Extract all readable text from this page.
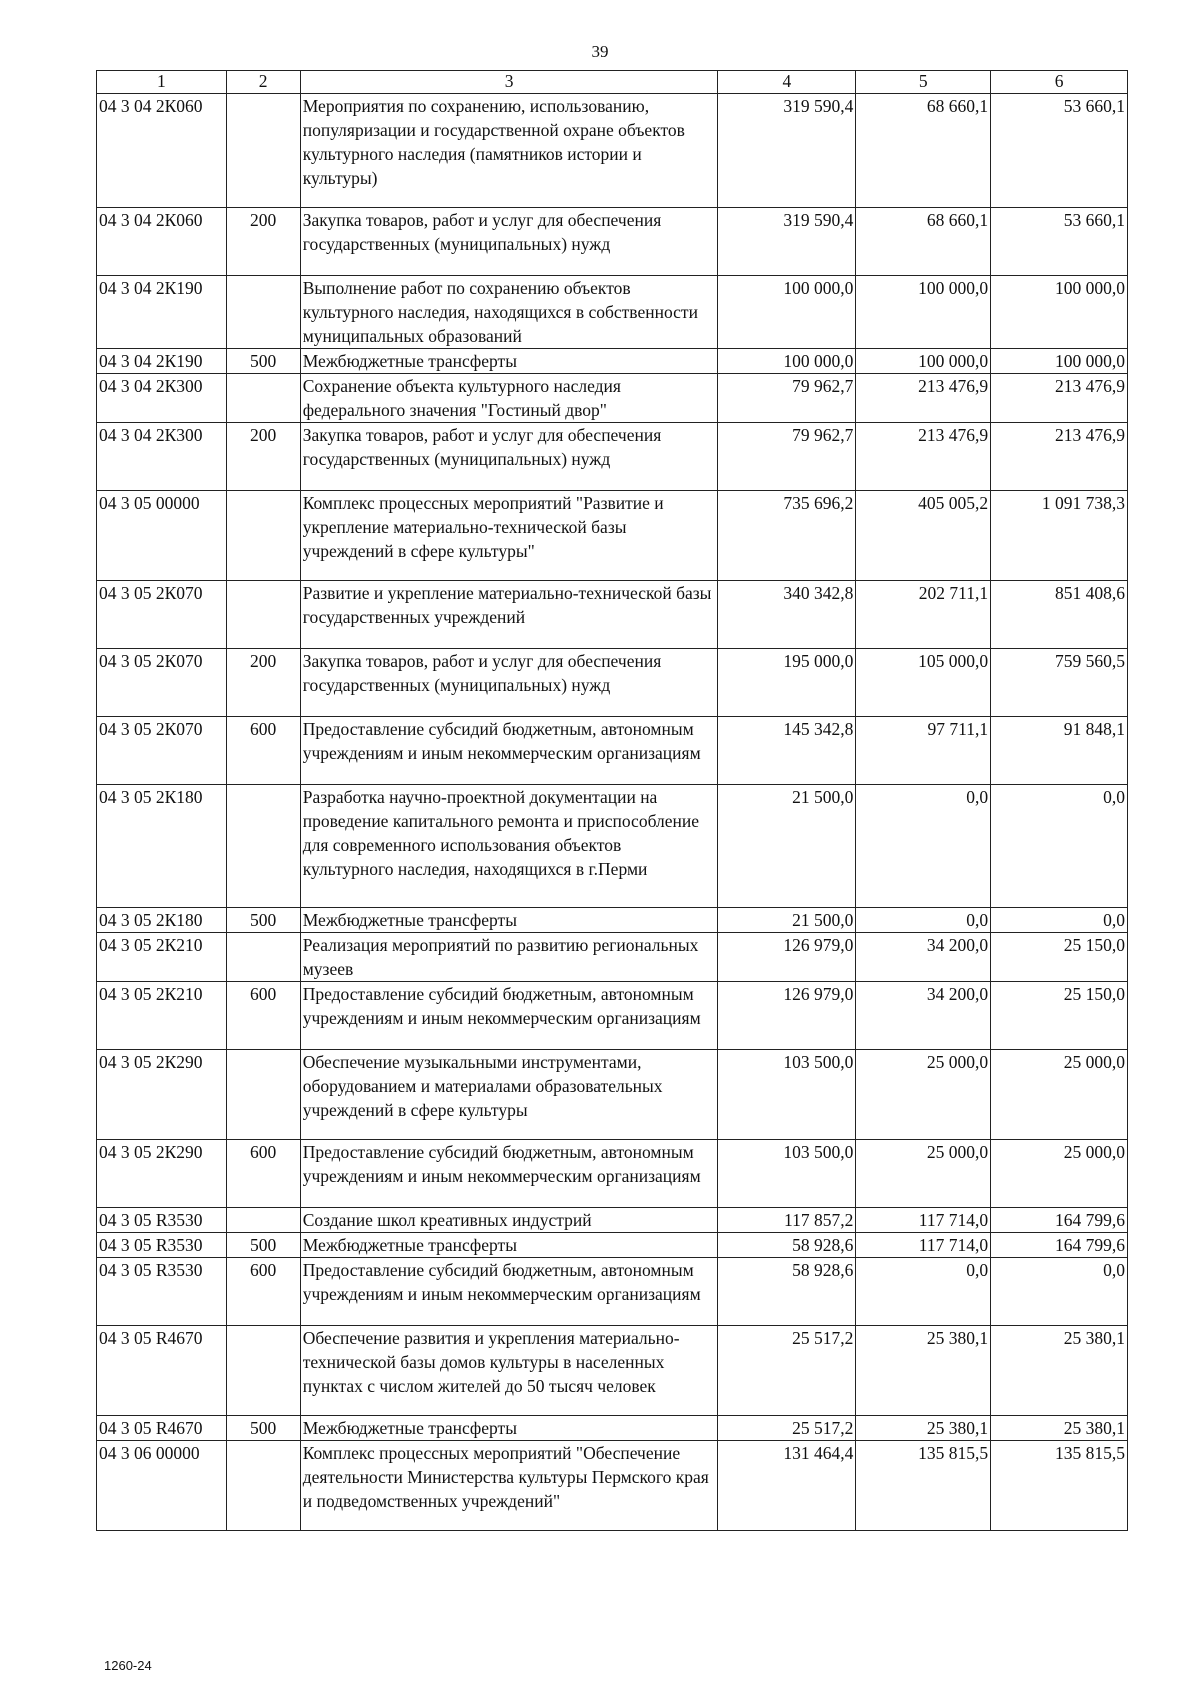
39
1	2	3	4	5	6
04 3 04 2К060		Мероприятия по сохранению, использованию, популяризации и государственной охране объектов культурного наследия (памятников истории и культуры)	319 590,4	68 660,1	53 660,1
04 3 04 2К060	200	Закупка товаров, работ и услуг для обеспечения государственных (муниципальных) нужд	319 590,4	68 660,1	53 660,1
04 3 04 2К190		Выполнение работ по сохранению объектов культурного наследия, находящихся в собственности муниципальных образований	100 000,0	100 000,0	100 000,0
04 3 04 2К190	500	Межбюджетные трансферты	100 000,0	100 000,0	100 000,0
04 3 04 2К300		Сохранение объекта культурного наследия федерального значения "Гостиный двор"	79 962,7	213 476,9	213 476,9
04 3 04 2К300	200	Закупка товаров, работ и услуг для обеспечения государственных (муниципальных) нужд	79 962,7	213 476,9	213 476,9
04 3 05 00000		Комплекс процессных мероприятий "Развитие и укрепление материально-технической базы учреждений в сфере культуры"	735 696,2	405 005,2	1 091 738,3
04 3 05 2К070		Развитие и укрепление материально-технической базы государственных учреждений	340 342,8	202 711,1	851 408,6
04 3 05 2К070	200	Закупка товаров, работ и услуг для обеспечения государственных (муниципальных) нужд	195 000,0	105 000,0	759 560,5
04 3 05 2К070	600	Предоставление субсидий бюджетным, автономным учреждениям и иным некоммерческим организациям	145 342,8	97 711,1	91 848,1
04 3 05 2К180		Разработка научно-проектной документации на проведение капитального ремонта и приспособление для современного использования объектов культурного наследия, находящихся в г.Перми	21 500,0	0,0	0,0
04 3 05 2К180	500	Межбюджетные трансферты	21 500,0	0,0	0,0
04 3 05 2К210		Реализация мероприятий по развитию региональных музеев	126 979,0	34 200,0	25 150,0
04 3 05 2К210	600	Предоставление субсидий бюджетным, автономным учреждениям и иным некоммерческим организациям	126 979,0	34 200,0	25 150,0
04 3 05 2К290		Обеспечение музыкальными инструментами, оборудованием и материалами образовательных учреждений в сфере культуры	103 500,0	25 000,0	25 000,0
04 3 05 2К290	600	Предоставление субсидий бюджетным, автономным учреждениям и иным некоммерческим организациям	103 500,0	25 000,0	25 000,0
04 3 05 R3530		Создание школ креативных индустрий	117 857,2	117 714,0	164 799,6
04 3 05 R3530	500	Межбюджетные трансферты	58 928,6	117 714,0	164 799,6
04 3 05 R3530	600	Предоставление субсидий бюджетным, автономным учреждениям и иным некоммерческим организациям	58 928,6	0,0	0,0
04 3 05 R4670		Обеспечение развития и укрепления материально-технической базы домов культуры в населенных пунктах с числом жителей до 50 тысяч человек	25 517,2	25 380,1	25 380,1
04 3 05 R4670	500	Межбюджетные трансферты	25 517,2	25 380,1	25 380,1
04 3 06 00000		Комплекс процессных мероприятий "Обеспечение деятельности Министерства культуры Пермского края и подведомственных учреждений"	131 464,4	135 815,5	135 815,5
1260-24
